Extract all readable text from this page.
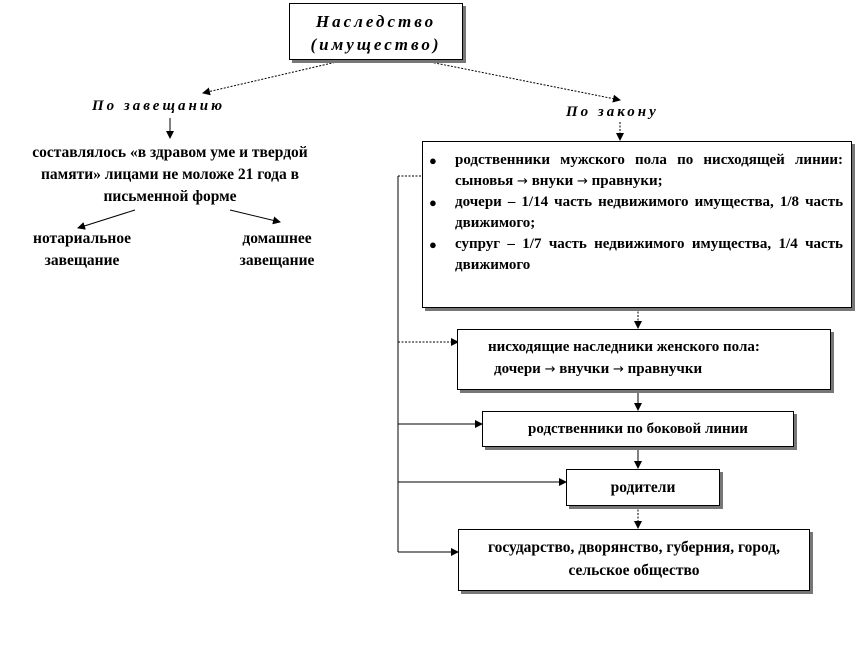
Наследство
(имущество)
По завещанию
составлялось «в здравом уме и твердой памяти» лицами не моложе 21 года в письменной форме
нотариальное завещание
домашнее завещание
По закону
●	родственники мужского пола по нисходящей линии: сыновья → внуки → правнуки;
●	дочери – 1/14 часть недвижимого имущества, 1/8 часть движимого;
●	супруг – 1/7 часть недвижимого имущества, 1/4 часть движимого
нисходящие наследники женского пола:
дочери → внучки → правнучки
родственники по боковой линии
родители
государство, дворянство, губерния, город, сельское общество
